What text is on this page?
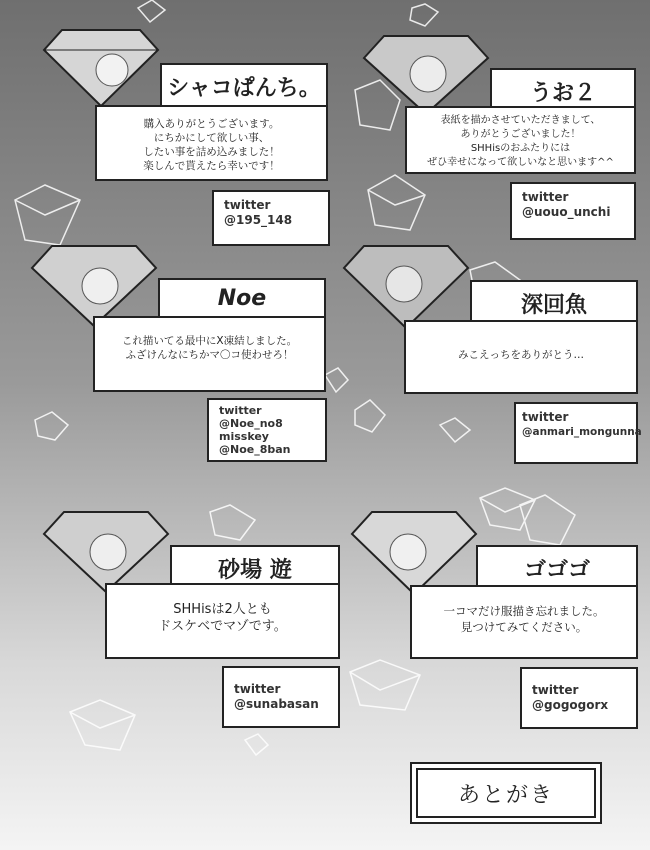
シャコぱんち。
購入ありがとうございます。
にちかにして欲しい事、
したい事を詰め込みました！
楽しんで貰えたら幸いです！
twitter
@195_148
うお２
表紙を描かさせていただきまして、
ありがとうございました！
SHHisのおふたりには
ぜひ幸せになって欲しいなと思います^^
twitter
@uouo_unchi
Noe
これ描いてる最中にX凍結しました。
ふざけんなにちかマ〇コ使わせろ！
twitter
@Noe_no8
misskey
@Noe_8ban
深回魚
みこえっちをありがとう…
twitter
@anmari_mongunna
砂場 遊
SHHisは2人とも
ドスケベでマゾです。
twitter
@sunabasan
ゴゴゴ
一コマだけ服描き忘れました。
見つけてみてください。
twitter
@gogogorx
あとがき
